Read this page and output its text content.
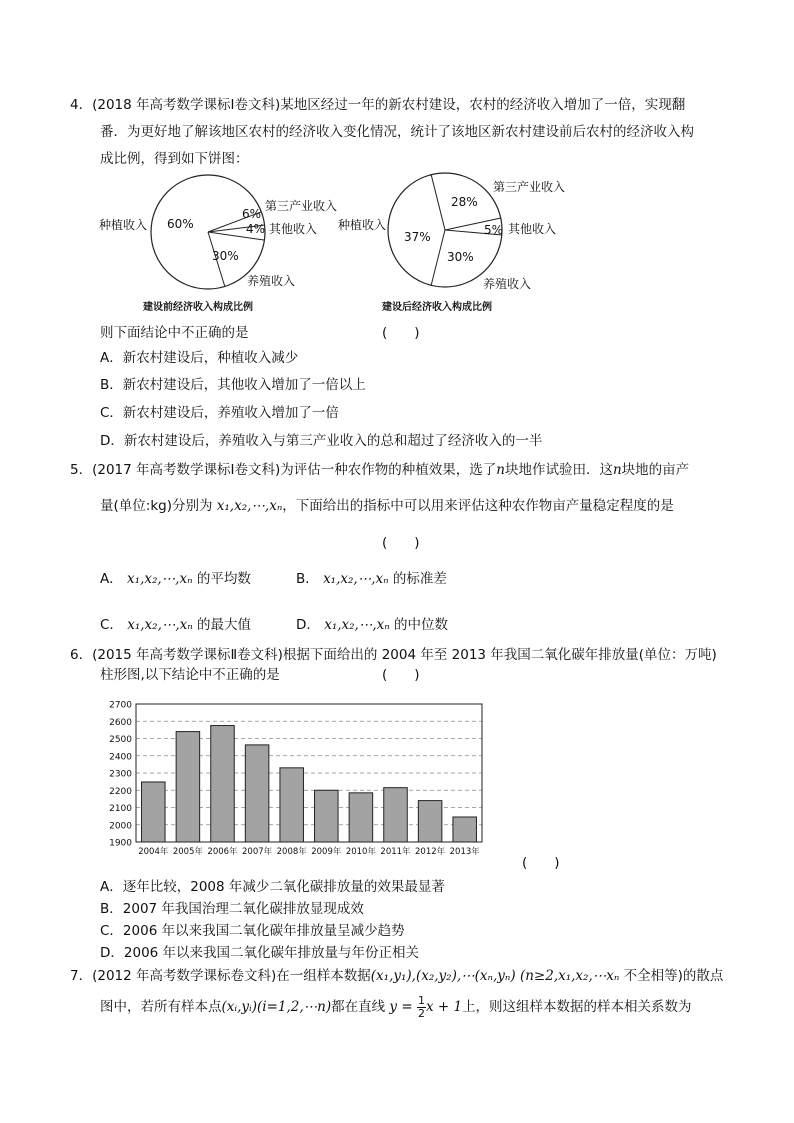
4．(2018 年高考数学课标Ⅰ卷文科)某地区经过一年的新农村建设，农村的经济收入增加了一倍，实现翻
番．为更好地了解该地区农村的经济收入变化情况，统计了该地区新农村建设前后农村的经济收入构
成比例，得到如下饼图：
60%
6%
4%
30%
种植收入
第三产业收入
其他收入
养殖收入
建设前经济收入构成比例
37%
28%
5%
30%
种植收入
第三产业收入
其他收入
养殖收入
建设后经济收入构成比例
则下面结论中不正确的是	(　　)
A．新农村建设后，种植收入减少
B．新农村建设后，其他收入增加了一倍以上
C．新农村建设后，养殖收入增加了一倍
D．新农村建设后，养殖收入与第三产业收入的总和超过了经济收入的一半
5．(2017 年高考数学课标Ⅰ卷文科)为评估一种农作物的种植效果，选了n块地作试验田．这n块地的亩产
量(单位:kg)分别为 x₁,x₂,⋯,xₙ，下面给出的指标中可以用来评估这种农作物亩产量稳定程度的是
(　　)
A． x₁,x₂,⋯,xₙ 的平均数	B． x₁,x₂,⋯,xₙ 的标准差
C． x₁,x₂,⋯,xₙ 的最大值	D． x₁,x₂,⋯,xₙ 的中位数
6．(2015 年高考数学课标Ⅱ卷文科)根据下面给出的 2004 年至 2013 年我国二氧化碳年排放量(单位：万吨)
柱形图,以下结论中不正确的是	(　　)
1900
2000
2100
2200
2300
2400
2500
2600
2700
2004年 2005年 2006年 2007年 2008年 2009年 2010年 2011年 2012年 2013年
(　　)
A．逐年比较，2008 年减少二氧化碳排放量的效果最显著
B．2007 年我国治理二氧化碳排放显现成效
C．2006 年以来我国二氧化碳年排放量呈减少趋势
D．2006 年以来我国二氧化碳年排放量与年份正相关
7．(2012 年高考数学课标卷文科)在一组样本数据(x₁,y₁),(x₂,y₂),⋯(xₙ,yₙ) (n≥2,x₁,x₂,⋯xₙ 不全相等)的散点
图中，若所有样本点(xᵢ,yᵢ)(i=1,2,⋯n)都在直线 $y = \frac{1}{2}$ x + 1上，则这组样本数据的样本相关系数为
